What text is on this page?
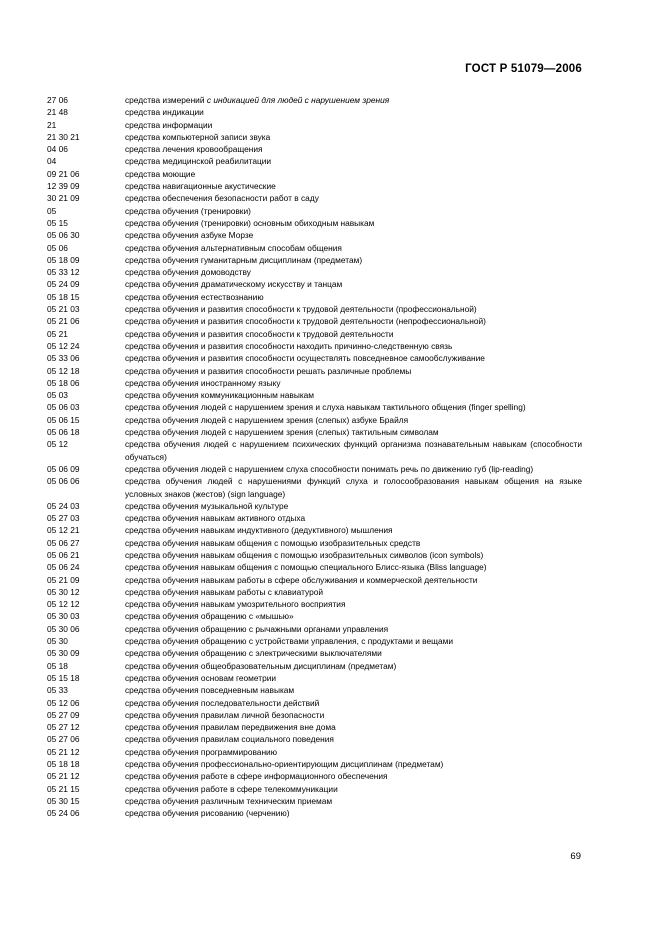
ГОСТ Р 51079—2006
27 06	средства измерений с индикацией для людей с нарушением зрения
21 48	средства индикации
21	средства информации
21 30 21	средства компьютерной записи звука
04 06	средства лечения кровообращения
04	средства медицинской реабилитации
09 21 06	средства моющие
12 39 09	средства навигационные акустические
30 21 09	средства обеспечения безопасности работ в саду
05	средства обучения (тренировки)
05 15	средства обучения (тренировки) основным обиходным навыкам
05 06 30	средства обучения азбуке Морзе
05 06	средства обучения альтернативным способам общения
05 18 09	средства обучения гуманитарным дисциплинам (предметам)
05 33 12	средства обучения домоводству
05 24 09	средства обучения драматическому искусству и танцам
05 18 15	средства обучения естествознанию
05 21 03	средства обучения и развития способности к трудовой деятельности (профессиональной)
05 21 06	средства обучения и развития способности к трудовой деятельности (непрофессиональной)
05 21	средства обучения и развития способности к трудовой деятельности
05 12 24	средства обучения и развития способности находить причинно-следственную связь
05 33 06	средства обучения и развития способности осуществлять повседневное самообслуживание
05 12 18	средства обучения и развития способности решать различные проблемы
05 18 06	средства обучения иностранному языку
05 03	средства обучения коммуникационным навыкам
05 06 03	средства обучения людей с нарушением зрения и слуха навыкам тактильного общения (finger spelling)
05 06 15	средства обучения людей с нарушением зрения (слепых) азбуке Брайля
05 06 18	средства обучения людей с нарушением зрения (слепых) тактильным символам
05 12	средства обучения людей с нарушением психических функций организма познавательным навыкам (способности обучаться)
05 06 09	средства обучения людей с нарушением слуха способности понимать речь по движению губ (lip-reading)
05 06 06	средства обучения людей с нарушениями функций слуха и голосообразования навыкам общения на языке условных знаков (жестов) (sign language)
05 24 03	средства обучения музыкальной культуре
05 27 03	средства обучения навыкам активного отдыха
05 12 21	средства обучения навыкам индуктивного (дедуктивного) мышления
05 06 27	средства обучения навыкам общения с помощью изобразительных средств
05 06 21	средства обучения навыкам общения с помощью изобразительных символов (icon symbols)
05 06 24	средства обучения навыкам общения с помощью специального Блисс-языка (Bliss language)
05 21 09	средства обучения навыкам работы в сфере обслуживания и коммерческой деятельности
05 30 12	средства обучения навыкам работы с клавиатурой
05 12 12	средства обучения навыкам умозрительного восприятия
05 30 03	средства обучения обращению с «мышью»
05 30 06	средства обучения обращению с рычажными органами управления
05 30	средства обучения обращению с устройствами управления, с продуктами и вещами
05 30 09	средства обучения обращению с электрическими выключателями
05 18	средства обучения общеобразовательным дисциплинам (предметам)
05 15 18	средства обучения основам геометрии
05 33	средства обучения повседневным навыкам
05 12 06	средства обучения последовательности действий
05 27 09	средства обучения правилам личной безопасности
05 27 12	средства обучения правилам передвижения вне дома
05 27 06	средства обучения правилам социального поведения
05 21 12	средства обучения программированию
05 18 18	средства обучения профессионально-ориентирующим дисциплинам (предметам)
05 21 12	средства обучения работе в сфере информационного обеспечения
05 21 15	средства обучения работе в сфере телекоммуникации
05 30 15	средства обучения различным техническим приемам
05 24 06	средства обучения рисованию (черчению)
69
